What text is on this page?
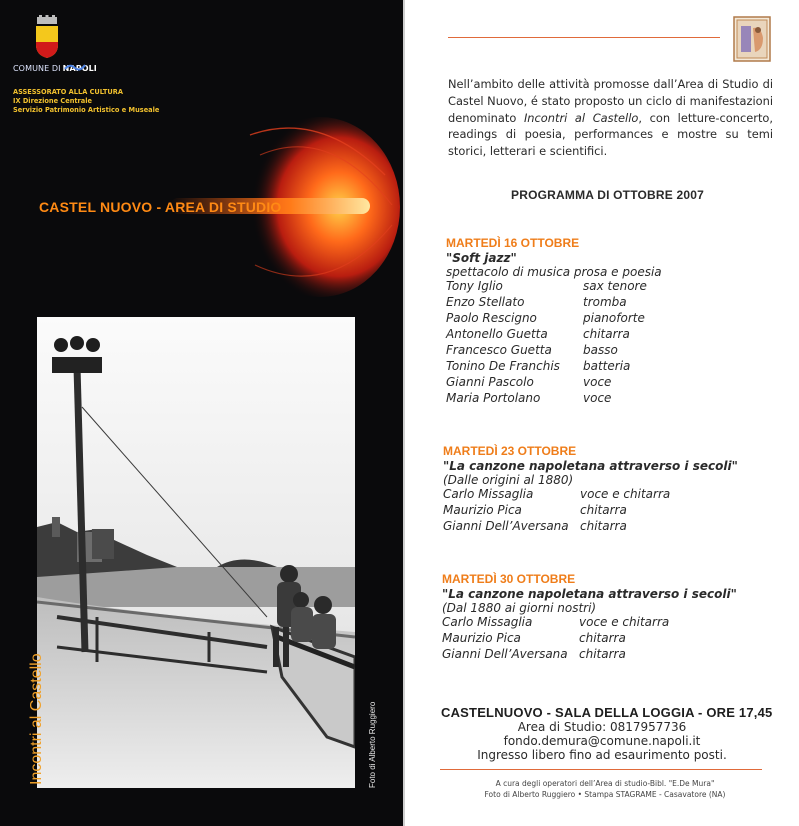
COMUNE DI NAPOLI
ASSESSORATO ALLA CULTURA
IX Direzione Centrale
Servizio Patrimonio Artistico e Museale
CASTEL NUOVO - AREA DI STUDIO
Incontri al Castello	Foto di Alberto Ruggiero
Nell’ambito delle attività promosse dall’Area di Studio di Castel Nuovo, é stato proposto un ciclo di manifestazioni denominato Incontri al Castello, con letture-concerto, readings di poesia, performances e mostre su temi storici, letterari e scientifici.
PROGRAMMA DI OTTOBRE 2007
MARTEDÌ 16 OTTOBRE
"Soft jazz"
spettacolo di musica prosa e poesia
Tony Iglio	sax tenore
Enzo Stellato	tromba
Paolo Rescigno	pianoforte
Antonello Guetta	chitarra
Francesco Guetta	basso
Tonino De Franchis batteria
Gianni Pascolo	voce
Maria Portolano	voce
MARTEDÌ 23 OTTOBRE
"La canzone napoletana attraverso i secoli"
(Dalle origini al 1880)
Carlo Missaglia	voce e chitarra
Maurizio Pica	chitarra
Gianni Dell’Aversana chitarra
MARTEDÌ 30 OTTOBRE
"La canzone napoletana attraverso i secoli"
(Dal 1880 ai giorni nostri)
Carlo Missaglia	voce e chitarra
Maurizio Pica	chitarra
Gianni Dell’Aversana chitarra
CASTELNUOVO - SALA DELLA LOGGIA - ORE 17,45
Area di Studio: 0817957736
fondo.demura@comune.napoli.it
Ingresso libero fino ad esaurimento posti.
A cura degli operatori dell’Area di studio-Bibl. "E.De Mura"
Foto di Alberto Ruggiero • Stampa STAGRAME - Casavatore (NA)
